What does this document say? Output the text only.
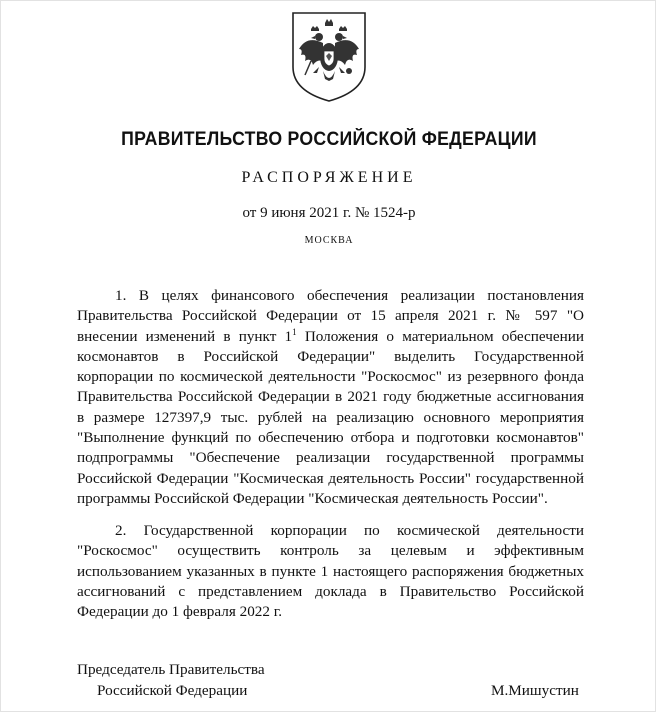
ПРАВИТЕЛЬСТВО РОССИЙСКОЙ ФЕДЕРАЦИИ
РАСПОРЯЖЕНИЕ
от 9 июня 2021 г. № 1524-р
МОСКВА
1. В целях финансового обеспечения реализации постановления Правительства Российской Федерации от 15 апреля 2021 г. № 597 "О внесении изменений в пункт $1^1$ Положения о материальном обеспечении космонавтов в Российской Федерации" выделить Государственной корпорации по космической деятельности "Роскосмос" из резервного фонда Правительства Российской Федерации в 2021 году бюджетные ассигнования в размере 127397,9 тыс. рублей на реализацию основного мероприятия "Выполнение функций по обеспечению отбора и подготовки космонавтов" подпрограммы "Обеспечение реализации государственной программы Российской Федерации "Космическая деятельность России" государственной программы Российской Федерации "Космическая деятельность России".
2. Государственной корпорации по космической деятельности "Роскосмос" осуществить контроль за целевым и эффективным использованием указанных в пункте 1 настоящего распоряжения бюджетных ассигнований с представлением доклада в Правительство Российской Федерации до 1 февраля 2022 г.
Председатель Правительства
Российской Федерации	М.Мишустин
